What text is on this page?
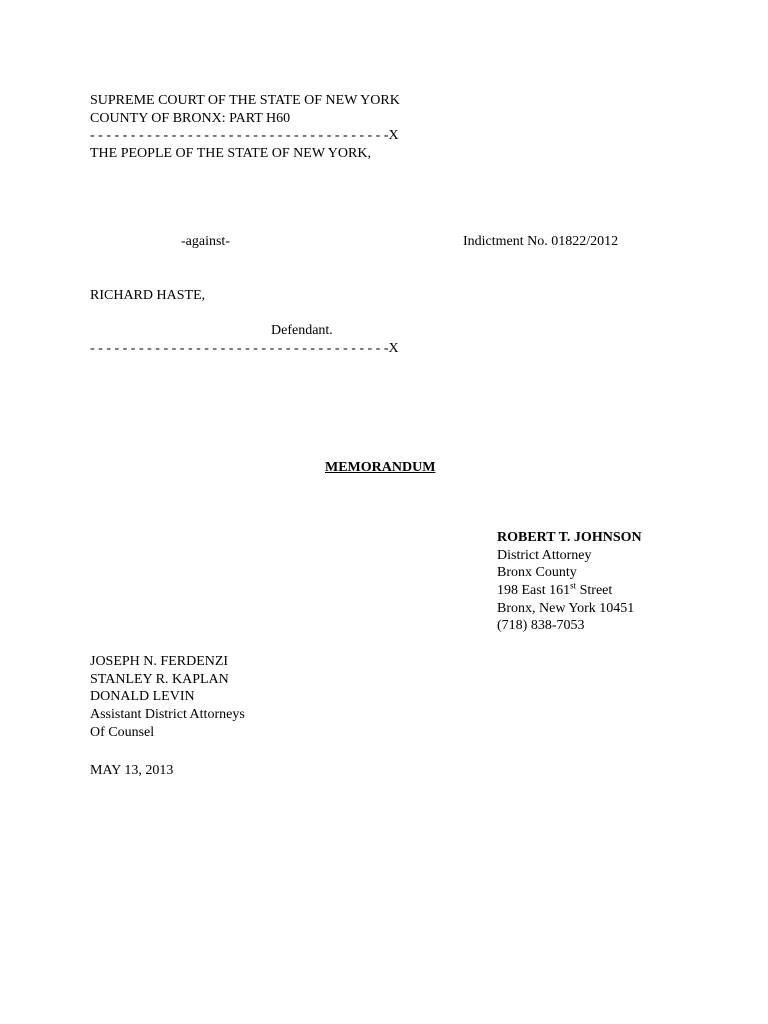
SUPREME COURT OF THE STATE OF NEW YORK
COUNTY OF BRONX: PART H60
- - - - - - - - - - - - - - - - - - - - - - - - - - - - - - - - - - - - -X
THE PEOPLE OF THE STATE OF NEW YORK,
-against-	Indictment No. 01822/2012
RICHARD HASTE,
Defendant.
- - - - - - - - - - - - - - - - - - - - - - - - - - - - - - - - - - - - -X
MEMORANDUM
ROBERT T. JOHNSON
District Attorney
Bronx County
198 East 161st Street
Bronx, New York 10451
(718) 838-7053
JOSEPH N. FERDENZI
STANLEY R. KAPLAN
DONALD LEVIN
Assistant District Attorneys
Of Counsel
MAY 13, 2013
